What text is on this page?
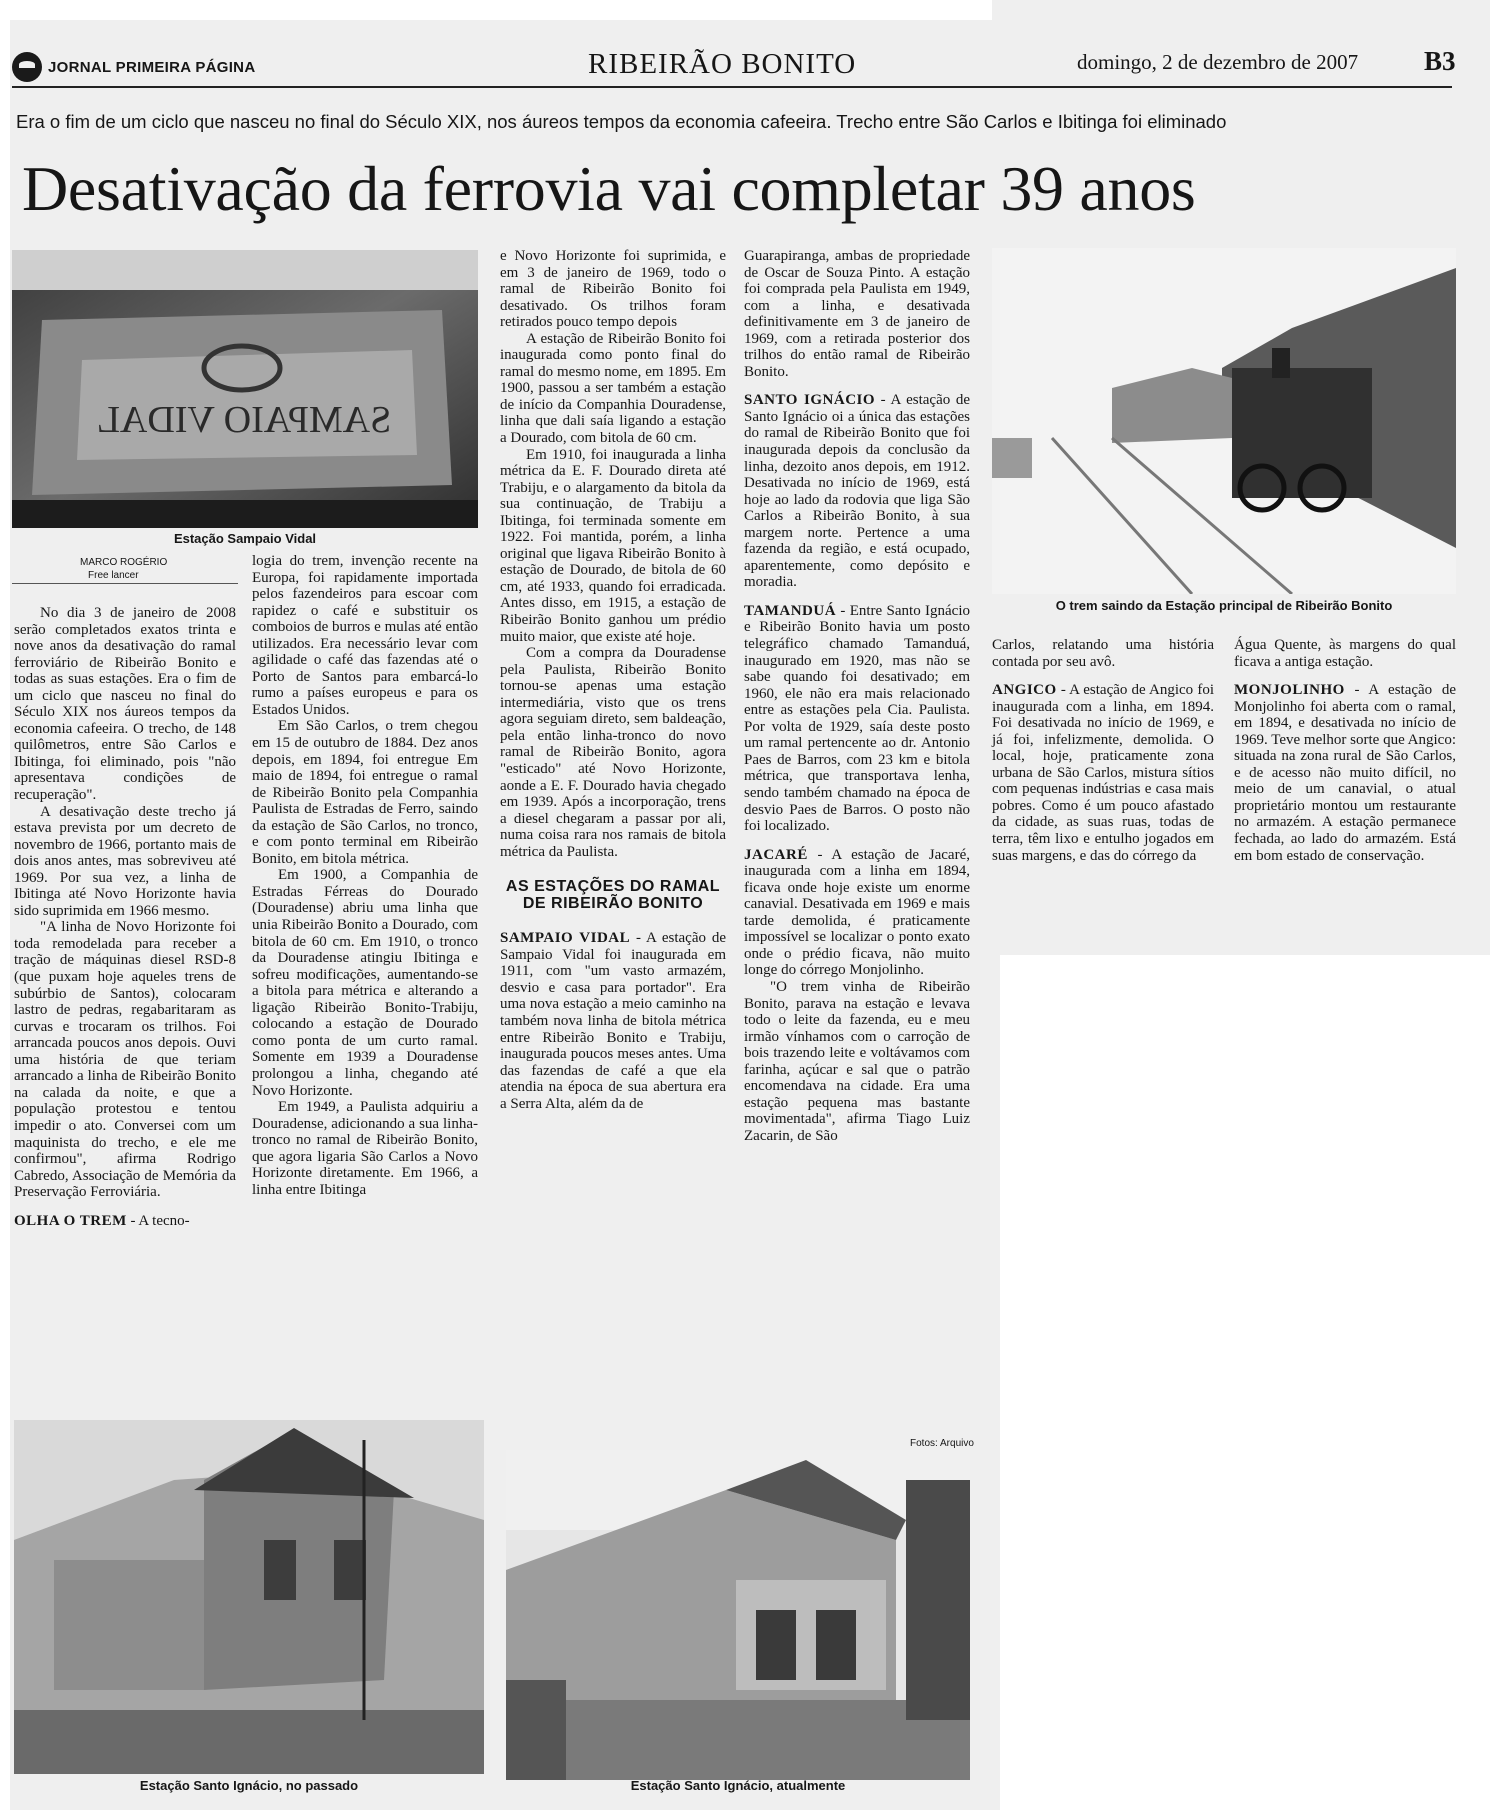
JORNAL PRIMEIRA PÁGINA	RIBEIRÃO BONITO	domingo, 2 de dezembro de 2007 B3
Era o fim de um ciclo que nasceu no final do Século XIX, nos áureos tempos da economia cafeeira. Trecho entre São Carlos e Ibitinga foi eliminado
Desativação da ferrovia vai completar 39 anos
SAMPAIO VIDAL
Estação Sampaio Vidal
MARCO ROGÉRIO
Free lancer

No dia 3 de janeiro de 2008 serão completados exatos trinta e nove anos da desativação do ramal ferroviário de Ribeirão Bonito e todas as suas estações. Era o fim de um ciclo que nasceu no final do Século XIX nos áureos tempos da economia cafeeira. O trecho, de 148 quilômetros, entre São Carlos e Ibitinga, foi eliminado, pois "não apresentava condições de recuperação".

A desativação deste trecho já estava prevista por um decreto de novembro de 1966, portanto mais de dois anos antes, mas sobreviveu até 1969. Por sua vez, a linha de Ibitinga até Novo Horizonte havia sido suprimida em 1966 mesmo.

"A linha de Novo Horizonte foi toda remodelada para receber a tração de máquinas diesel RSD-8 (que puxam hoje aqueles trens de subúrbio de Santos), colocaram lastro de pedras, regabaritaram as curvas e trocaram os trilhos. Foi arrancada poucos anos depois. Ouvi uma história de que teriam arrancado a linha de Ribeirão Bonito na calada da noite, e que a população protestou e tentou impedir o ato. Conversei com um maquinista do trecho, e ele me confirmou", afirma Rodrigo Cabredo, Associação de Memória da Preservação Ferroviária.

OLHA O TREM - A tecno-

logia do trem, invenção recente na Europa, foi rapidamente importada pelos fazendeiros para escoar com rapidez o café e substituir os comboios de burros e mulas até então utilizados. Era necessário levar com agilidade o café das fazendas até o Porto de Santos para embarcá-lo rumo a países europeus e para os Estados Unidos.

Em São Carlos, o trem chegou em 15 de outubro de 1884. Dez anos depois, em 1894, foi entregue Em maio de 1894, foi entregue o ramal de Ribeirão Bonito pela Companhia Paulista de Estradas de Ferro, saindo da estação de São Carlos, no tronco, e com ponto terminal em Ribeirão Bonito, em bitola métrica.

Em 1900, a Companhia de Estradas Férreas do Dourado (Douradense) abriu uma linha que unia Ribeirão Bonito a Dourado, com bitola de 60 cm. Em 1910, o tronco da Douradense atingiu Ibitinga e sofreu modificações, aumentando-se a bitola para métrica e alterando a ligação Ribeirão Bonito-Trabiju, colocando a estação de Dourado como ponta de um curto ramal. Somente em 1939 a Douradense prolongou a linha, chegando até Novo Horizonte.

Em 1949, a Paulista adquiriu a Douradense, adicionando a sua linha-tronco no ramal de Ribeirão Bonito, que agora ligaria São Carlos a Novo Horizonte diretamente. Em 1966, a linha entre Ibitinga

e Novo Horizonte foi suprimida, e em 3 de janeiro de 1969, todo o ramal de Ribeirão Bonito foi desativado. Os trilhos foram retirados pouco tempo depois

A estação de Ribeirão Bonito foi inaugurada como ponto final do ramal do mesmo nome, em 1895. Em 1900, passou a ser também a estação de início da Companhia Douradense, linha que dali saía ligando a estação a Dourado, com bitola de 60 cm.

Em 1910, foi inaugurada a linha métrica da E. F. Dourado direta até Trabiju, e o alargamento da bitola da sua continuação, de Trabiju a Ibitinga, foi terminada somente em 1922. Foi mantida, porém, a linha original que ligava Ribeirão Bonito à estação de Dourado, de bitola de 60 cm, até 1933, quando foi erradicada. Antes disso, em 1915, a estação de Ribeirão Bonito ganhou um prédio muito maior, que existe até hoje.

Com a compra da Douradense pela Paulista, Ribeirão Bonito tornou-se apenas uma estação intermediária, visto que os trens agora seguiam direto, sem baldeação, pela então linha-tronco do novo ramal de Ribeirão Bonito, agora "esticado" até Novo Horizonte, aonde a E. F. Dourado havia chegado em 1939. Após a incorporação, trens a diesel chegaram a passar por ali, numa coisa rara nos ramais de bitola métrica da Paulista.

AS ESTAÇÕES DO RAMAL DE RIBEIRÃO BONITO

SAMPAIO VIDAL - A estação de Sampaio Vidal foi inaugurada em 1911, com "um vasto armazém, desvio e casa para portador". Era uma nova estação a meio caminho na também nova linha de bitola métrica entre Ribeirão Bonito e Trabiju, inaugurada poucos meses antes. Uma das fazendas de café a que ela atendia na época de sua abertura era a Serra Alta, além da de

Guarapiranga, ambas de propriedade de Oscar de Souza Pinto. A estação foi comprada pela Paulista em 1949, com a linha, e desativada definitivamente em 3 de janeiro de 1969, com a retirada posterior dos trilhos do então ramal de Ribeirão Bonito.

SANTO IGNÁCIO - A estação de Santo Ignácio oi a única das estações do ramal de Ribeirão Bonito que foi inaugurada depois da conclusão da linha, dezoito anos depois, em 1912. Desativada no início de 1969, está hoje ao lado da rodovia que liga São Carlos a Ribeirão Bonito, à sua margem norte. Pertence a uma fazenda da região, e está ocupado, aparentemente, como depósito e moradia.

TAMANDUÁ - Entre Santo Ignácio e Ribeirão Bonito havia um posto telegráfico chamado Tamanduá, inaugurado em 1920, mas não se sabe quando foi desativado; em 1960, ele não era mais relacionado entre as estações pela Cia. Paulista. Por volta de 1929, saía deste posto um ramal pertencente ao dr. Antonio Paes de Barros, com 23 km e bitola métrica, que transportava lenha, sendo também chamado na época de desvio Paes de Barros. O posto não foi localizado.

JACARÉ - A estação de Jacaré, inaugurada com a linha em 1894, ficava onde hoje existe um enorme canavial. Desativada em 1969 e mais tarde demolida, é praticamente impossível se localizar o ponto exato onde o prédio ficava, não muito longe do córrego Monjolinho.

"O trem vinha de Ribeirão Bonito, parava na estação e levava todo o leite da fazenda, eu e meu irmão vínhamos com o carroção de bois trazendo leite e voltávamos com farinha, açúcar e sal que o patrão encomendava na cidade. Era uma estação pequena mas bastante movimentada", afirma Tiago Luiz Zacarin, de São

O trem saindo da Estação principal de Ribeirão Bonito

Carlos, relatando uma história contada por seu avô.

ANGICO - A estação de Angico foi inaugurada com a linha, em 1894. Foi desativada no início de 1969, e já foi, infelizmente, demolida. O local, hoje, praticamente zona urbana de São Carlos, mistura sítios com pequenas indústrias e casa mais pobres. Como é um pouco afastado da cidade, as suas ruas, todas de terra, têm lixo e entulho jogados em suas margens, e das do córrego da

Água Quente, às margens do qual ficava a antiga estação.

MONJOLINHO - A estação de Monjolinho foi aberta com o ramal, em 1894, e desativada no início de 1969. Teve melhor sorte que Angico: situada na zona rural de São Carlos, e de acesso não muito difícil, no meio de um canavial, o atual proprietário montou um restaurante no armazém. A estação permanece fechada, ao lado do armazém. Está em bom estado de conservação.

Estação Santo Ignácio, no passado
Fotos: Arquivo
Estação Santo Ignácio, atualmente
